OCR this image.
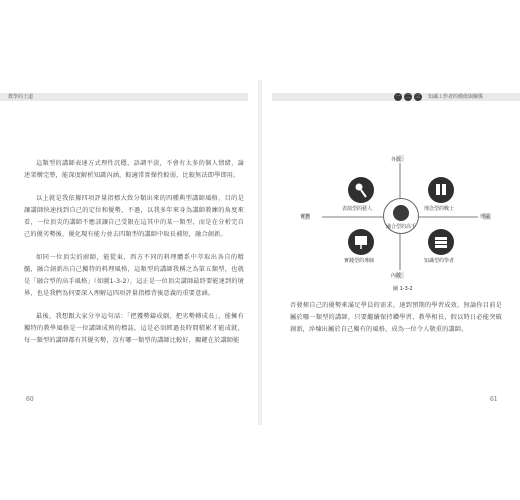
教學的王道	一 二 三	知識工作者的價值與關係

這類型的講師表達方式理性沉穩，語調平淡，不會有太多的個人情緒，論述架構完整，能深度解析知識內涵，較適常實操性較弱，比較無法即學即用。

以上就是我依據四項評量指標大致分類出來的四種典型講師風格，目的是讓講師快速找到自己的定位和優勢，不過，以我多年來身為講師教練的角度來看，一位頂尖的講師不應該讓自己受限在這其中的某一類型，而是在分析完自己的優劣勢後，優化現有能力並去四類型的講師中取長補短，融合創新。

如同一位頂尖的廚師，能從東，西方不同的料理體系中萃取出各自的精髓，融合創新出自己獨特的料理風格，這類型的講師我稱之為第五類型，也就是「融合型的高手風格」（如圖1-3-2），這正是一位頂尖講師最終要能達到的境界，也是我們為何要深入理解這四項評量指標背後意義的重要意涵。

最後，我想跟大家分享這句話：「把獲勢鑄成劇，把劣勢轉成長」，能擁有獨特的教學風格是一位講師成熟的標誌，這是必須經過長時間積累才能成就，每一類型的講師都有其優劣勢，沒有哪一類型的講師比較好，關鍵在於講師能

外放
內斂
實務	理論
表演型的藝人	理念型的戰士
融合型的高手
實踐型的導師	知識型的學者
圖 1-3-2

否發揮自己的優勢來滿足學員的需求，達到預期的學習成效。無論你目前是屬於哪一類型的講師，只要繼續保持鑽學習、教學相長，假以時日必能突破創新，淬煉出屬於自己獨有的風格，成為一位令人敬重的講師。

60	61
